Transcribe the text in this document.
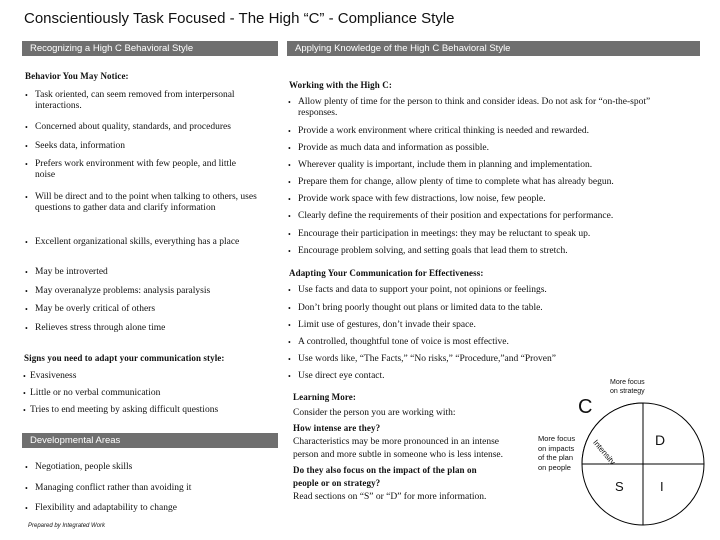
Conscientiously Task Focused - The High “C” - Compliance Style
Recognizing a High C Behavioral Style	Applying Knowledge of the High C Behavioral Style
Behavior You May Notice:
• Task oriented, can seem removed from interpersonal interactions.
• Concerned about quality, standards, and procedures
• Seeks data, information
• Prefers work environment with few people, and little noise
• Will be direct and to the point when talking to others, uses questions to gather data and clarify information
• Excellent organizational skills, everything has a place
• May be introverted
• May overanalyze problems: analysis paralysis
• May be overly critical of others
• Relieves stress through alone time
Signs you need to adapt your communication style:
• Evasiveness
• Little or no verbal communication
• Tries to end meeting by asking difficult questions
Developmental Areas
• Negotiation, people skills
• Managing conflict rather than avoiding it
• Flexibility and adaptability to change
Prepared by Integrated Work
Working with the High C:
• Allow plenty of time for the person to think and consider ideas. Do not ask for “on-the-spot” responses.
• Provide a work environment where critical thinking is needed and rewarded.
• Provide as much data and information as possible.
• Wherever quality is important, include them in planning and implementation.
• Prepare them for change, allow plenty of time to complete what has already begun.
• Provide work space with few distractions, low noise, few people.
• Clearly define the requirements of their position and expectations for performance.
• Encourage their participation in meetings: they may be reluctant to speak up.
• Encourage problem solving, and setting goals that lead them to stretch.
Adapting Your Communication for Effectiveness:
• Use facts and data to support your point, not opinions or feelings.
• Don’t bring poorly thought out plans or limited data to the table.
• Limit use of gestures, don’t invade their space.
• A controlled, thoughtful tone of voice is most effective.
• Use words like, “The Facts,” “No risks,” “Procedure,”and “Proven”
• Use direct eye contact.
Learning More:
Consider the person you are working with:
How intense are they?
Characteristics may be more pronounced in an intense
person and more subtle in someone who is less intense.
Do they also focus on the impact of the plan on
people or on strategy?
Read sections on “S” or “D” for more information.
C
D
S	I
Intensity
More focus
on strategy
More focus
on impacts
of the plan
on people
